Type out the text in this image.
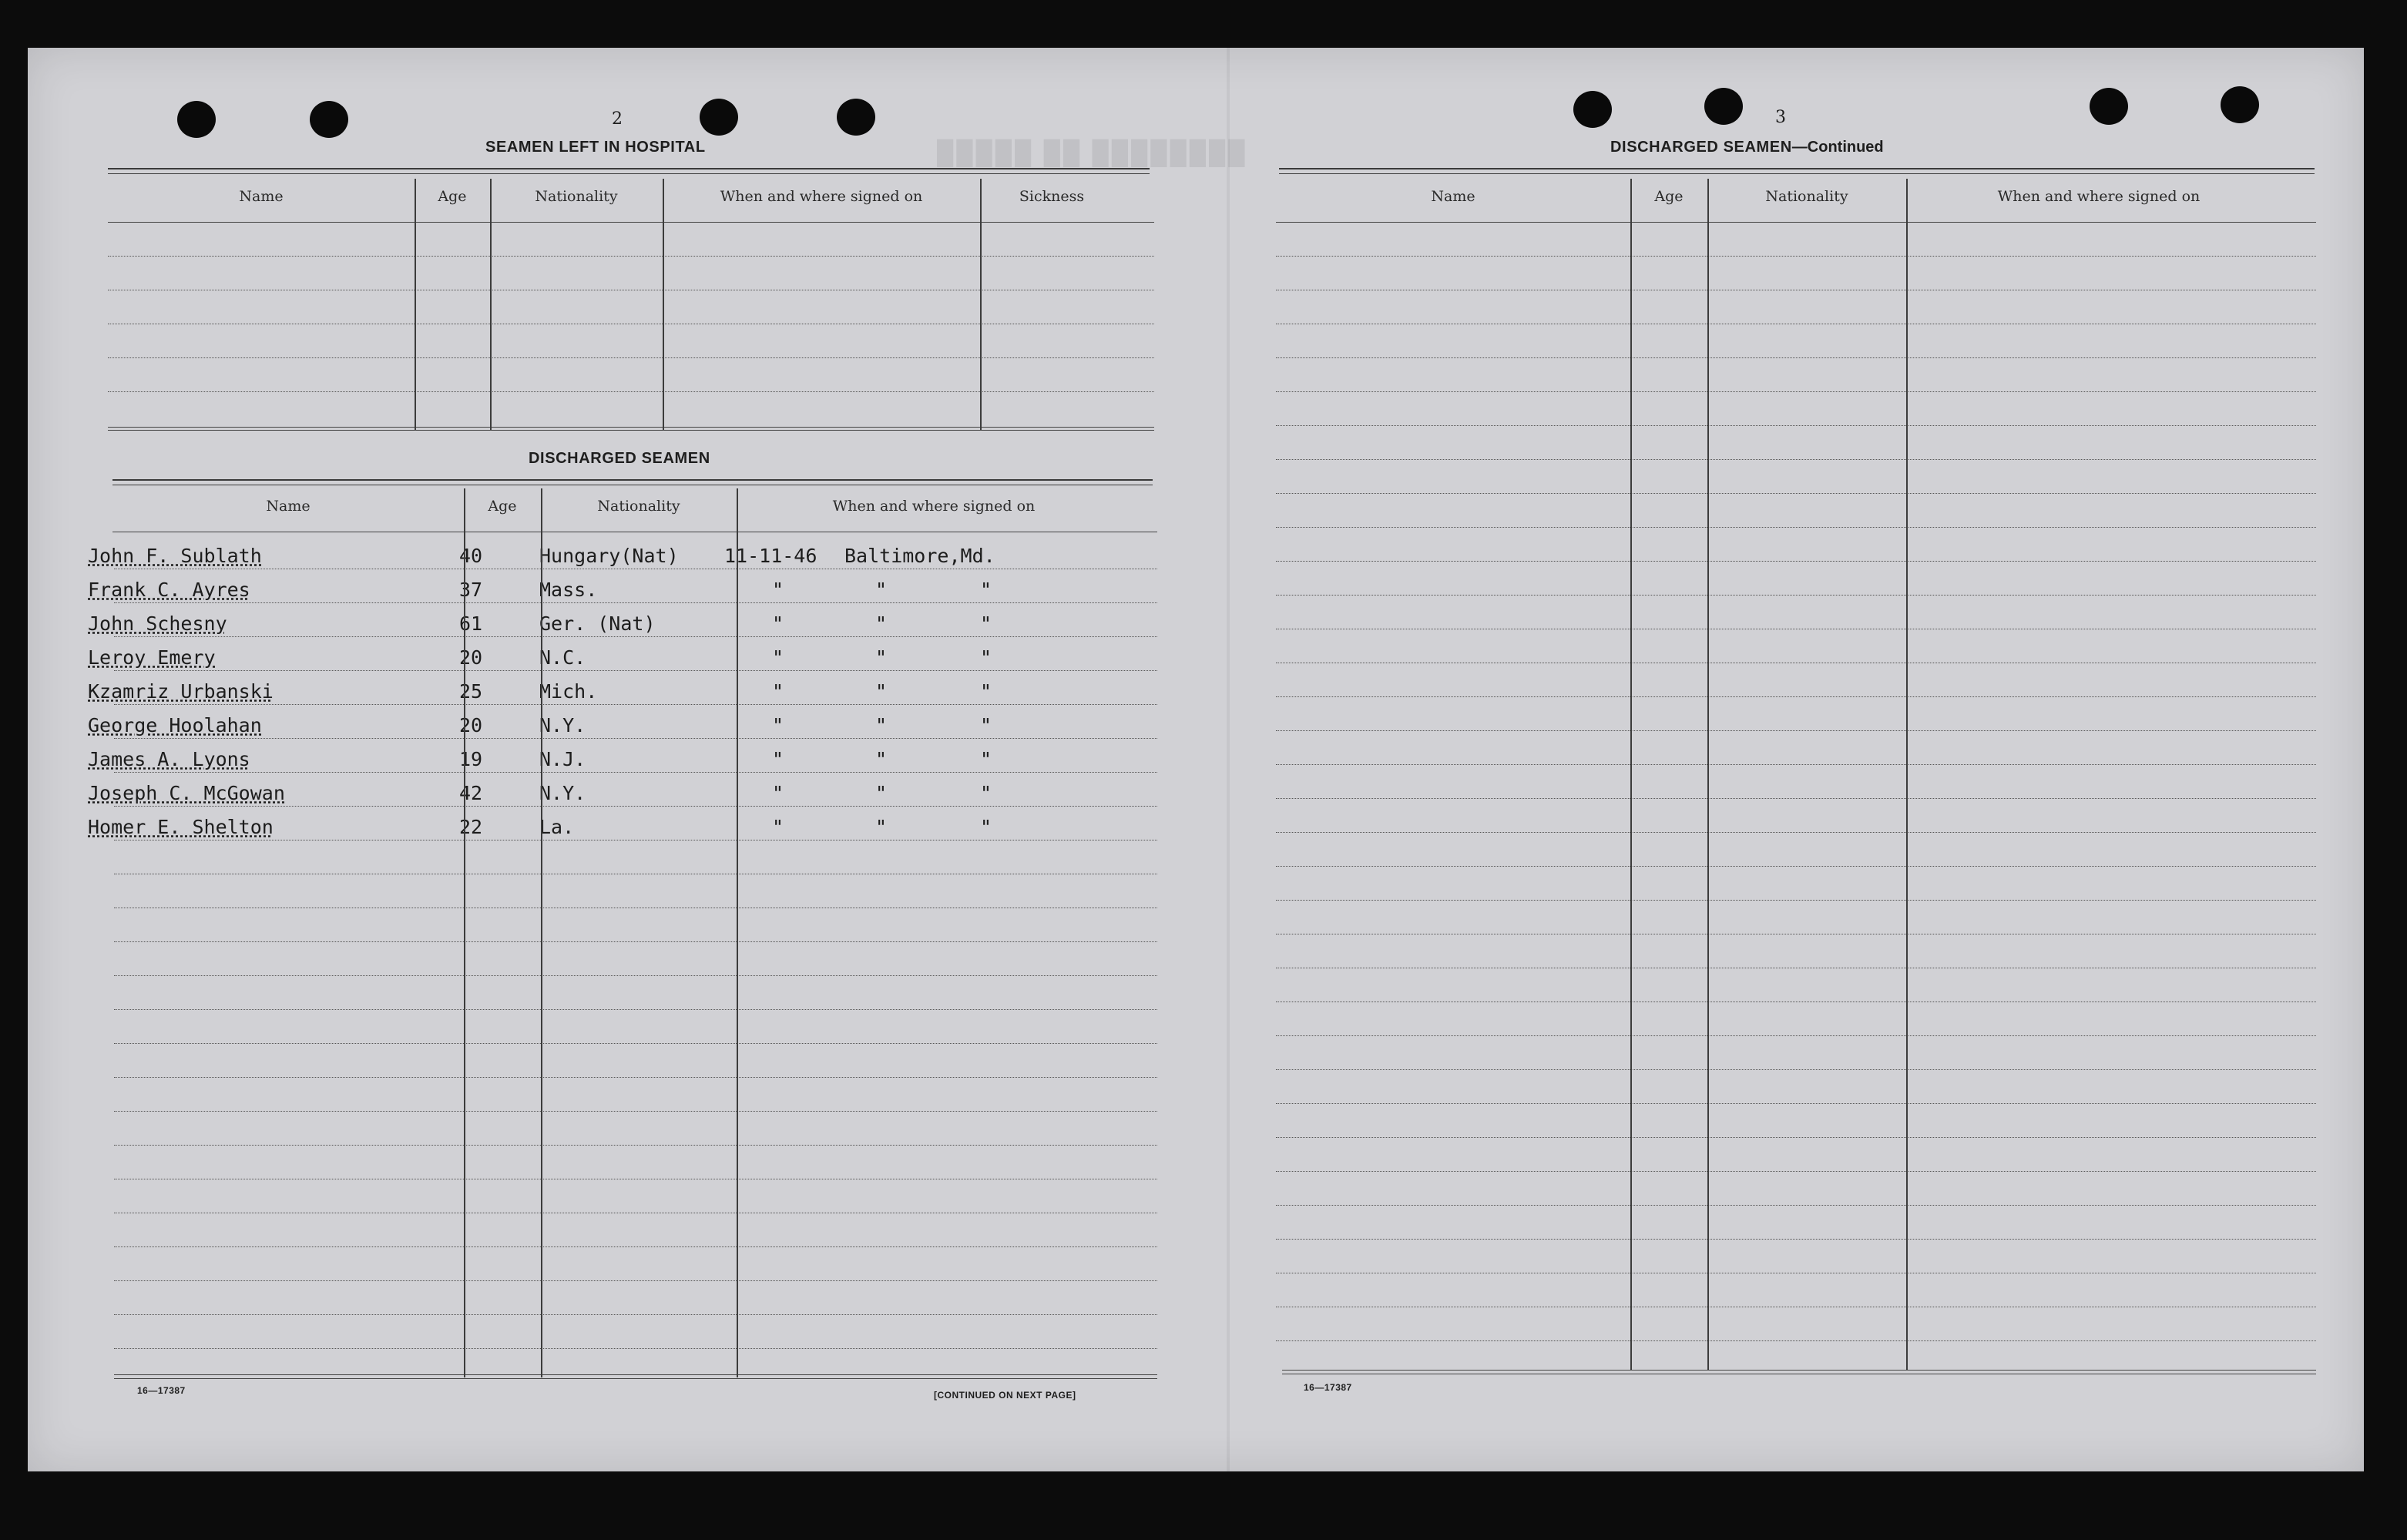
█████ ██ ████████
2
SEAMEN LEFT IN HOSPITAL
Name	Age	Nationality	When and where signed on	Sickness
DISCHARGED SEAMEN
Name	Age	Nationality	When and where signed on
John F. Sublath	40	Hungary(Nat) 11-11-46 Baltimore,Md.
Frank C. Ayres	37	Mass.	"	"	"
John Schesny	61	Ger. (Nat)	"	"	"
Leroy Emery	20	N.C.	"	"	"
Kzamriz Urbanski	25	Mich.	"	"	"
George Hoolahan	20	N.Y.	"	"	"
James A. Lyons	19	N.J.	"	"	"
Joseph C. McGowan	42	N.Y.	"	"	"
Homer E. Shelton	22	La.	"	"	"
16—17387	[CONTINUED ON NEXT PAGE]
3
DISCHARGED SEAMEN—Continued
Name	Age	Nationality	When and where signed on
16—17387
